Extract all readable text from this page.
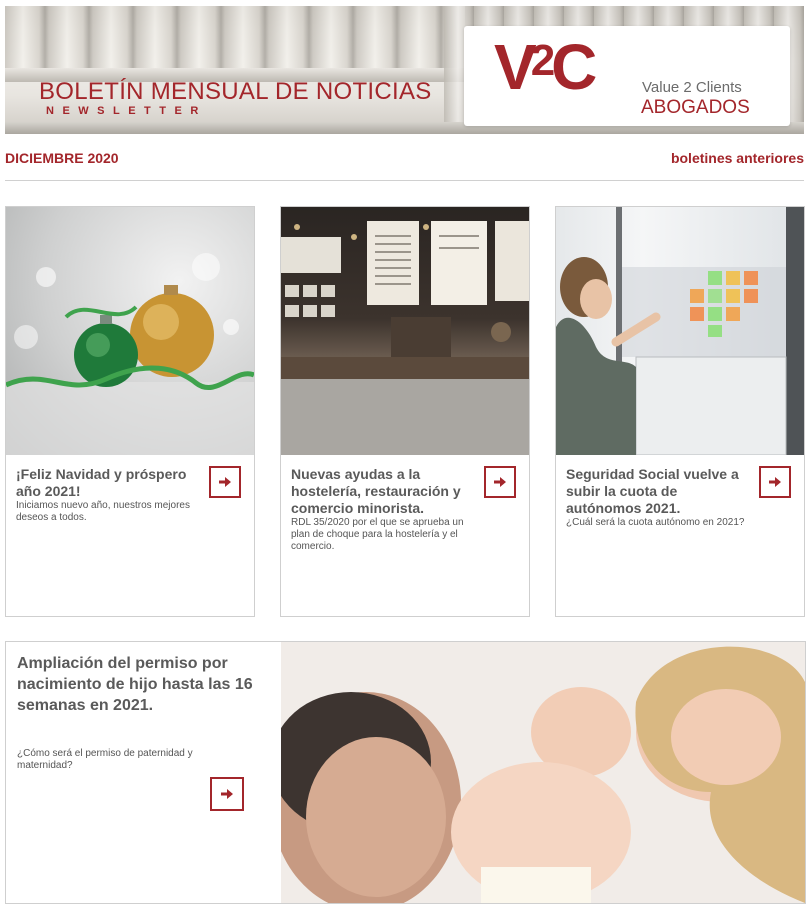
BOLETÍN MENSUAL DE NOTICIAS
NEWSLETTER
$V^2C$	Value 2 Clients
ABOGADOS
DICIEMBRE 2020	boletines anteriores
¡Feliz Navidad y próspero año 2021!

Iniciamos nuevo año, nuestros mejores deseos a todos.

Nuevas ayudas a la hostelería, restauración y comercio minorista.

RDL 35/2020 por el que se aprueba un plan de choque para la hostelería y el comercio.

Seguridad Social vuelve a subir la cuota de autónomos 2021.

¿Cuál será la cuota autónomo en 2021?

Ampliación del permiso por nacimiento de hijo hasta las 16 semanas en 2021.

¿Cómo será el permiso de paternidad y maternidad?
